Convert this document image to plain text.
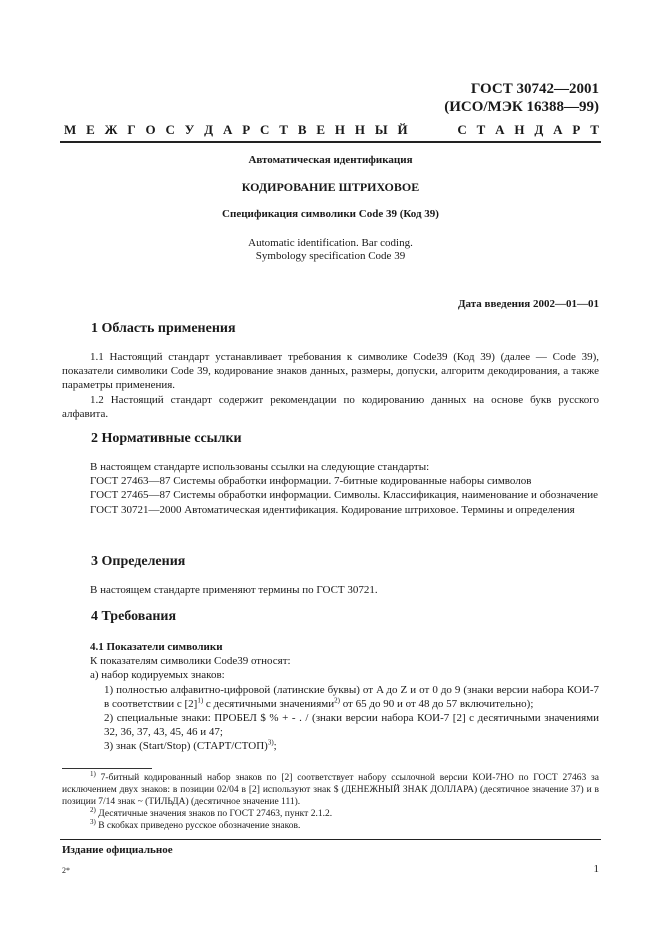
ГОСТ 30742—2001
(ИСО/МЭК 16388—99)
М Е Ж Г О С У Д А Р С Т В Е Н Н Ы Й	С Т А Н Д А Р Т
Автоматическая идентификация
КОДИРОВАНИЕ ШТРИХОВОЕ
Спецификация символики Code 39 (Код 39)
Automatic identification. Bar coding.
Symbology specification Code 39
Дата введения 2002—01—01
1 Область применения

1.1 Настоящий стандарт устанавливает требования к символике Code39 (Код 39) (далее — Code 39), показатели символики Code 39, кодирование знаков данных, размеры, допуски, алгоритм декодирования, а также параметры применения.

1.2 Настоящий стандарт содержит рекомендации по кодированию данных на основе букв русского алфавита.

2 Нормативные ссылки

В настоящем стандарте использованы ссылки на следующие стандарты:

ГОСТ 27463—87 Системы обработки информации. 7-битные кодированные наборы символов

ГОСТ 27465—87 Системы обработки информации. Символы. Классификация, наименование и обозначение

ГОСТ 30721—2000 Автоматическая идентификация. Кодирование штриховое. Термины и определения

3 Определения

В настоящем стандарте применяют термины по ГОСТ 30721.

4 Требования

4.1 Показатели символики

К показателям символики Code39 относят:

а) набор кодируемых знаков:

1) полностью алфавитно-цифровой (латинские буквы) от A до Z и от 0 до 9 (знаки версии набора КОИ-7 в соответствии с $[2]^{1)}$ с десятичными значениями$^{2)}$ от 65 до 90 и от 48 до 57 включительно);

2) специальные знаки: ПРОБЕЛ $ % + - . / (знаки версии набора КОИ-7 [2] с десятичными значениями 32, 36, 37, 43, 45, 46 и 47;

3) знак (Start/Stop) (СТАРТ/СТОП)$^{3)}$;

$^{1)}$ 7-битный кодированный набор знаков по [2] соответствует набору ссылочной версии КОИ-7НО по ГОСТ 27463 за исключением двух знаков: в позиции 02/04 в [2] используют знак $ (ДЕНЕЖНЫЙ ЗНАК ДОЛЛАРА) (десятичное значение 37) и в позиции 7/14 знак ~ (ТИЛЬДА) (десятичное значение 111).

$^{2)}$ Десятичные значения знаков по ГОСТ 27463, пункт 2.1.2.

$^{3)}$ В скобках приведено русское обозначение знаков.

Издание официальное
2*	1
